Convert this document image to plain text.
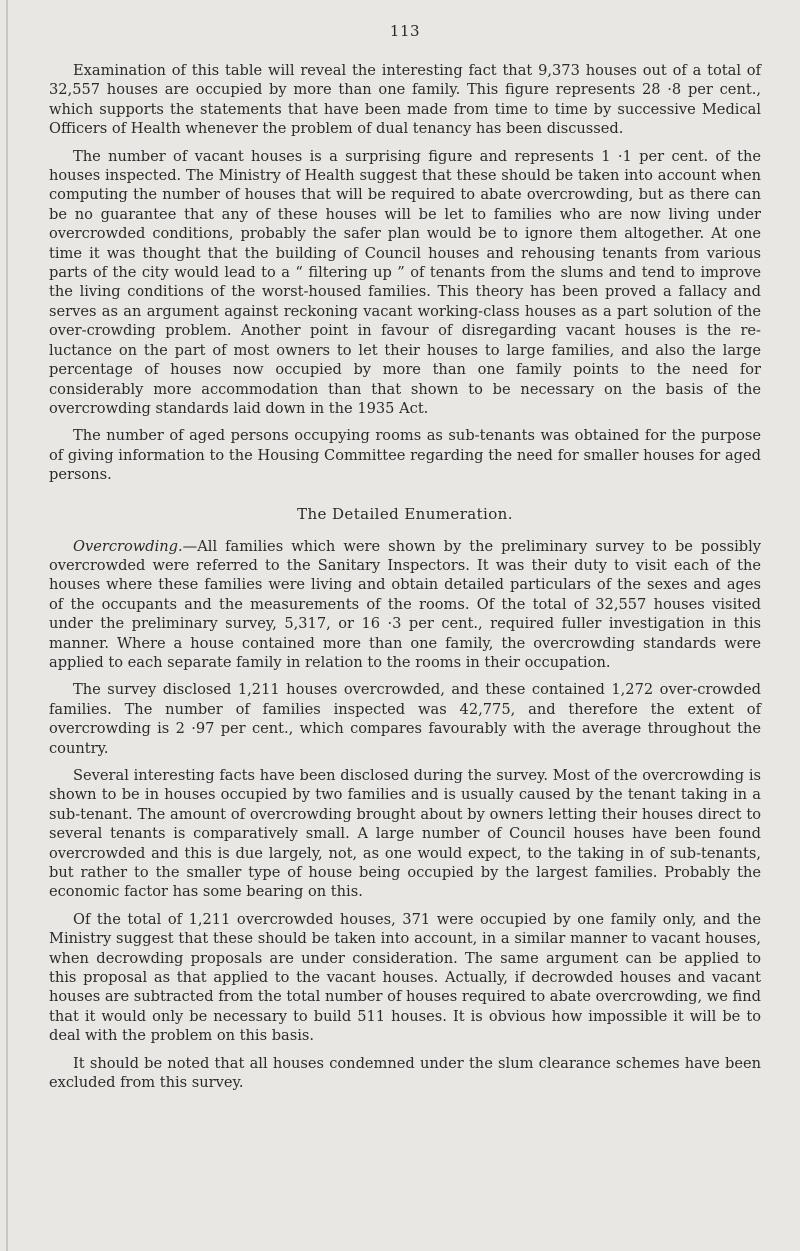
113

Examination of this table will reveal the interesting fact that 9,373 houses out of a total of 32,557 houses are occupied by more than one family. This figure represents 28 ·8 per cent., which supports the statements that have been made from time to time by successive Medical Officers of Health whenever the problem of dual tenancy has been discussed.

The number of vacant houses is a surprising figure and represents 1 ·1 per cent. of the houses inspected. The Ministry of Health suggest that these should be taken into account when computing the number of houses that will be required to abate overcrowding, but as there can be no guarantee that any of these houses will be let to families who are now living under overcrowded conditions, probably the safer plan would be to ignore them altogether. At one time it was thought that the building of Council houses and rehousing tenants from various parts of the city would lead to a “ filtering up ” of tenants from the slums and tend to improve the living conditions of the worst-housed families. This theory has been proved a fallacy and serves as an argument against reckoning vacant working-class houses as a part solution of the over-crowding problem. Another point in favour of disregarding vacant houses is the re-luctance on the part of most owners to let their houses to large families, and also the large percentage of houses now occupied by more than one family points to the need for considerably more accommodation than that shown to be necessary on the basis of the overcrowding standards laid down in the 1935 Act.

The number of aged persons occupying rooms as sub-tenants was obtained for the purpose of giving information to the Housing Committee regarding the need for smaller houses for aged persons.

The Detailed Enumeration.

Overcrowding.—All families which were shown by the preliminary survey to be possibly overcrowded were referred to the Sanitary Inspectors. It was their duty to visit each of the houses where these families were living and obtain detailed particulars of the sexes and ages of the occupants and the measurements of the rooms. Of the total of 32,557 houses visited under the preliminary survey, 5,317, or 16 ·3 per cent., required fuller investigation in this manner. Where a house contained more than one family, the overcrowding standards were applied to each separate family in relation to the rooms in their occupation.

The survey disclosed 1,211 houses overcrowded, and these contained 1,272 over-crowded families. The number of families inspected was 42,775, and therefore the extent of overcrowding is 2 ·97 per cent., which compares favourably with the average throughout the country.

Several interesting facts have been disclosed during the survey. Most of the overcrowding is shown to be in houses occupied by two families and is usually caused by the tenant taking in a sub-tenant. The amount of overcrowding brought about by owners letting their houses direct to several tenants is comparatively small. A large number of Council houses have been found overcrowded and this is due largely, not, as one would expect, to the taking in of sub-tenants, but rather to the smaller type of house being occupied by the largest families. Probably the economic factor has some bearing on this.

Of the total of 1,211 overcrowded houses, 371 were occupied by one family only, and the Ministry suggest that these should be taken into account, in a similar manner to vacant houses, when decrowding proposals are under consideration. The same argument can be applied to this proposal as that applied to the vacant houses. Actually, if decrowded houses and vacant houses are subtracted from the total number of houses required to abate overcrowding, we find that it would only be necessary to build 511 houses. It is obvious how impossible it will be to deal with the problem on this basis.

It should be noted that all houses condemned under the slum clearance schemes have been excluded from this survey.
